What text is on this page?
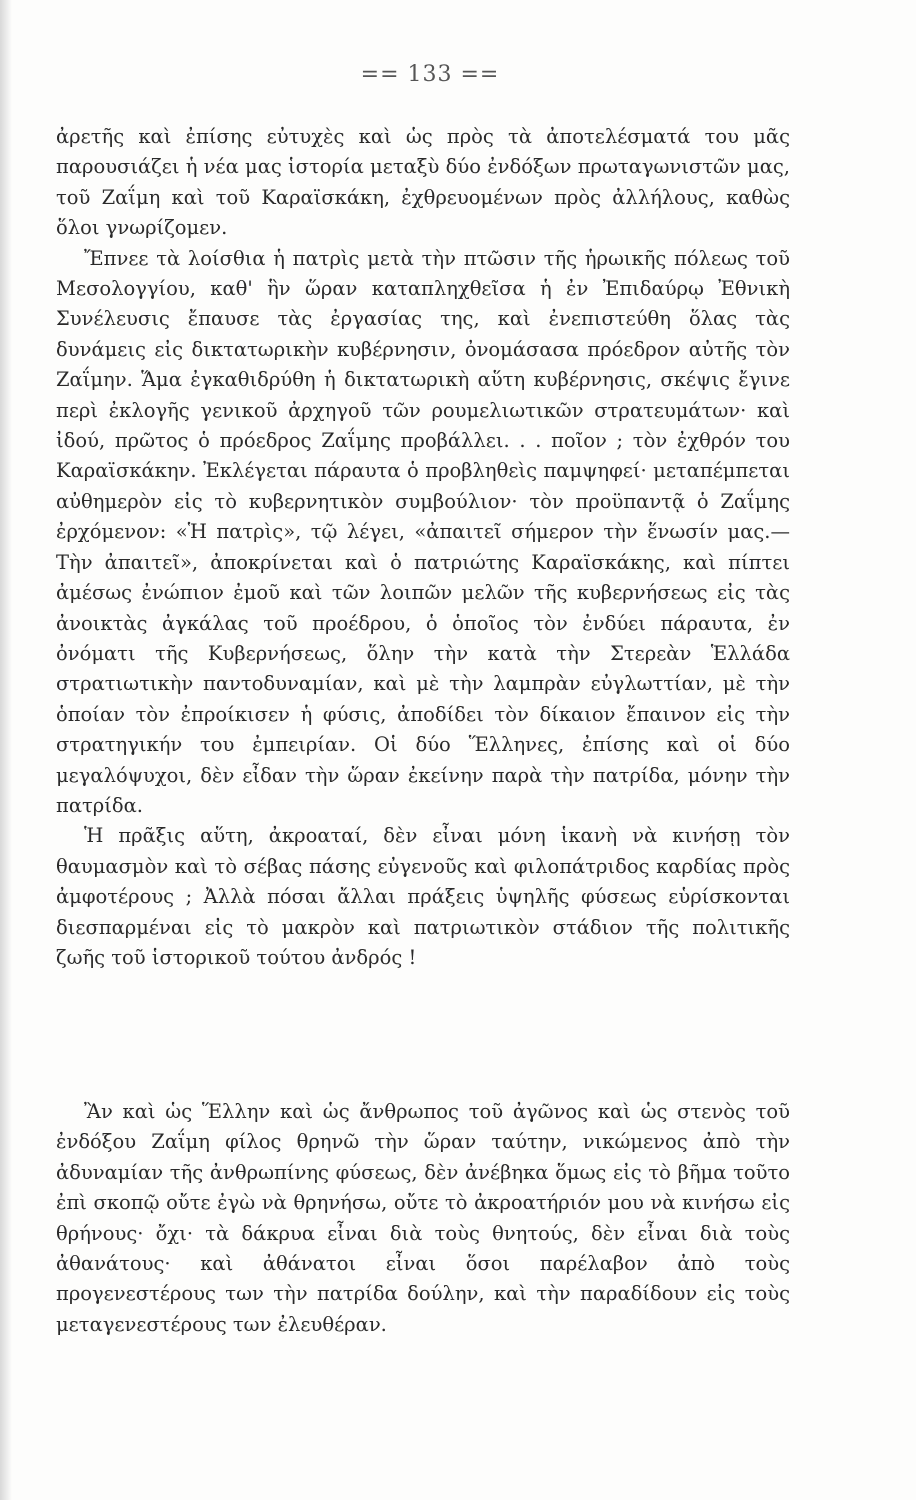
== 133 ==

ἀρετῆς καὶ ἐπίσης εὐτυχὲς καὶ ὡς πρὸς τὰ ἀποτελέσματά του μᾶς παρουσιάζει ἡ νέα μας ἱστορία μεταξὺ δύο ἐνδόξων πρωταγωνιστῶν μας, τοῦ Ζαΐμη καὶ τοῦ Καραϊσκάκη, ἐχθρευομένων πρὸς ἀλλήλους, καθὼς ὅλοι γνωρίζομεν.

Ἔπνεε τὰ λοίσθια ἡ πατρὶς μετὰ τὴν πτῶσιν τῆς ἡρωικῆς πόλεως τοῦ Μεσολογγίου, καθ' ἣν ὥραν καταπληχθεῖσα ἡ ἐν Ἐπιδαύρῳ Ἐθνικὴ Συνέλευσις ἔπαυσε τὰς ἐργασίας της, καὶ ἐνεπιστεύθη ὅλας τὰς δυνάμεις εἰς δικτατωρικὴν κυβέρνησιν, ὀνομάσασα πρόεδρον αὐτῆς τὸν Ζαΐμην. Ἅμα ἐγκαθιδρύθη ἡ δικτατωρικὴ αὕτη κυβέρνησις, σκέψις ἔγινε περὶ ἐκλογῆς γενικοῦ ἀρχηγοῦ τῶν ρουμελιωτικῶν στρατευμάτων· καὶ ἰδού, πρῶτος ὁ πρόεδρος Ζαΐμης προβάλλει. . . ποῖον ; τὸν ἐχθρόν του Καραϊσκάκην. Ἐκλέγεται πάραυτα ὁ προβληθεὶς παμψηφεί· μεταπέμπεται αὐθημερὸν εἰς τὸ κυβερνητικὸν συμβούλιον· τὸν προϋπαντᾷ ὁ Ζαΐμης ἐρχόμενον: «Ἡ πατρὶς», τῷ λέγει, «ἀπαιτεῖ σήμερον τὴν ἕνωσίν μας.— Τὴν ἀπαιτεῖ», ἀποκρίνεται καὶ ὁ πατριώτης Καραϊσκάκης, καὶ πίπτει ἀμέσως ἐνώπιον ἐμοῦ καὶ τῶν λοιπῶν μελῶν τῆς κυβερνήσεως εἰς τὰς ἀνοικτὰς ἀγκάλας τοῦ προέδρου, ὁ ὁποῖος τὸν ἐνδύει πάραυτα, ἐν ὀνόματι τῆς Κυβερνήσεως, ὅλην τὴν κατὰ τὴν Στερεὰν Ἑλλάδα στρατιωτικὴν παντοδυναμίαν, καὶ μὲ τὴν λαμπρὰν εὐγλωττίαν, μὲ τὴν ὁποίαν τὸν ἐπροίκισεν ἡ φύσις, ἀποδίδει τὸν δίκαιον ἔπαινον εἰς τὴν στρατηγικήν του ἐμπειρίαν. Οἱ δύο Ἕλληνες, ἐπίσης καὶ οἱ δύο μεγαλόψυχοι, δὲν εἶδαν τὴν ὥραν ἐκείνην παρὰ τὴν πατρίδα, μόνην τὴν πατρίδα.

Ἡ πρᾶξις αὕτη, ἀκροαταί, δὲν εἶναι μόνη ἱκανὴ νὰ κινήσῃ τὸν θαυμασμὸν καὶ τὸ σέβας πάσης εὐγενοῦς καὶ φιλοπάτριδος καρδίας πρὸς ἀμφοτέρους ; Ἀλλὰ πόσαι ἄλλαι πράξεις ὑψηλῆς φύσεως εὑρίσκονται διεσπαρμέναι εἰς τὸ μακρὸν καὶ πατριωτικὸν στάδιον τῆς πολιτικῆς ζωῆς τοῦ ἱστορικοῦ τούτου ἀνδρός !

Ἂν καὶ ὡς Ἕλλην καὶ ὡς ἄνθρωπος τοῦ ἀγῶνος καὶ ὡς στενὸς τοῦ ἐνδόξου Ζαΐμη φίλος θρηνῶ τὴν ὥραν ταύτην, νικώμενος ἀπὸ τὴν ἀδυναμίαν τῆς ἀνθρωπίνης φύσεως, δὲν ἀνέβηκα ὅμως εἰς τὸ βῆμα τοῦτο ἐπὶ σκοπῷ οὔτε ἐγὼ νὰ θρηνήσω, οὔτε τὸ ἀκροατήριόν μου νὰ κινήσω εἰς θρήνους· ὄχι· τὰ δάκρυα εἶναι διὰ τοὺς θνητούς, δὲν εἶναι διὰ τοὺς ἀθανάτους· καὶ ἀθάνατοι εἶναι ὅσοι παρέλαβον ἀπὸ τοὺς προγενεστέρους των τὴν πατρίδα δούλην, καὶ τὴν παραδίδουν εἰς τοὺς μεταγενεστέρους των ἐλευθέραν.
